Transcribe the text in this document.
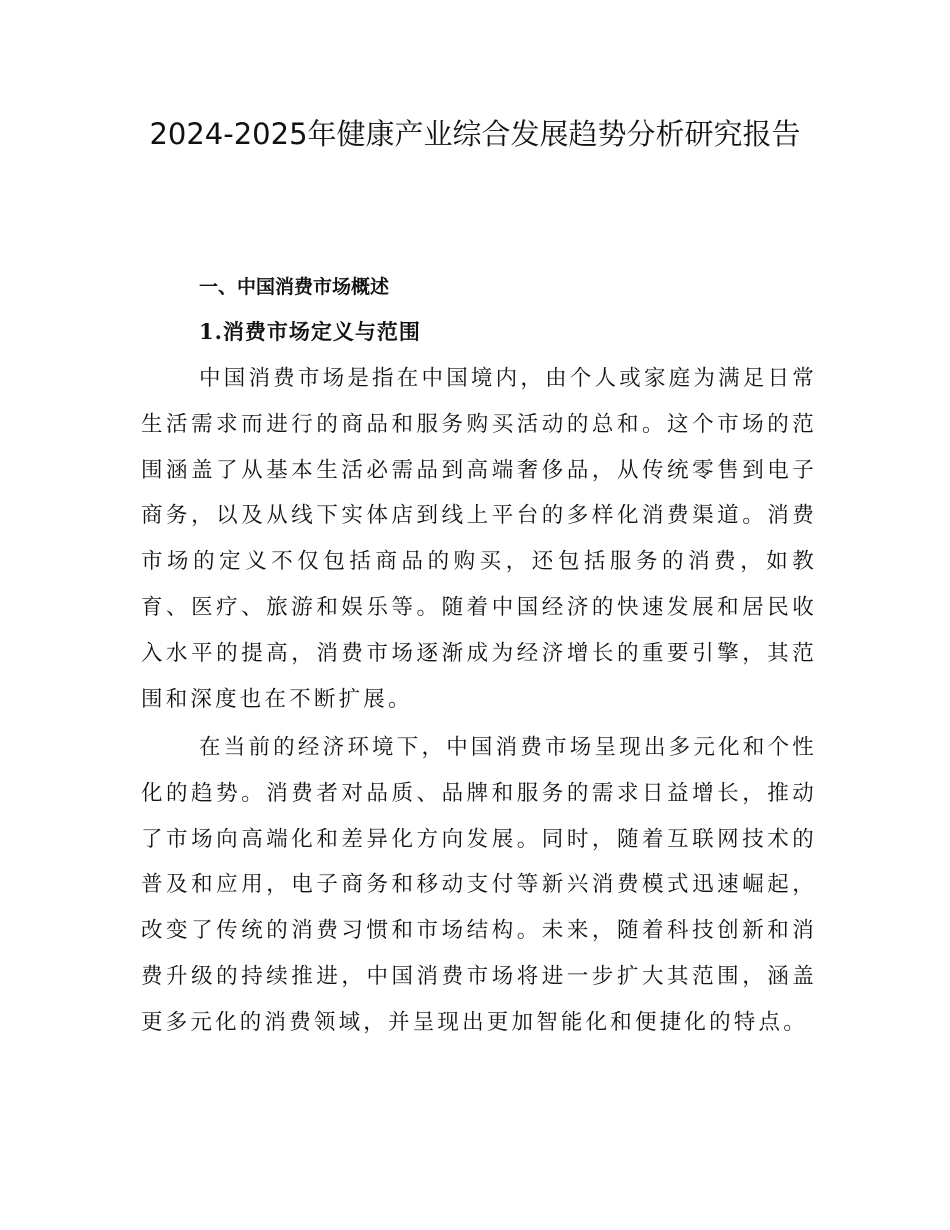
2024-2025年健康产业综合发展趋势分析研究报告
一、中国消费市场概述
1.消费市场定义与范围

中国消费市场是指在中国境内，由个人或家庭为满足日常生活需求而进行的商品和服务购买活动的总和。这个市场的范围涵盖了从基本生活必需品到高端奢侈品，从传统零售到电子商务，以及从线下实体店到线上平台的多样化消费渠道。消费市场的定义不仅包括商品的购买，还包括服务的消费，如教育、医疗、旅游和娱乐等。随着中国经济的快速发展和居民收入水平的提高，消费市场逐渐成为经济增长的重要引擎，其范围和深度也在不断扩展。

在当前的经济环境下，中国消费市场呈现出多元化和个性化的趋势。消费者对品质、品牌和服务的需求日益增长，推动了市场向高端化和差异化方向发展。同时，随着互联网技术的普及和应用，电子商务和移动支付等新兴消费模式迅速崛起，改变了传统的消费习惯和市场结构。未来，随着科技创新和消费升级的持续推进，中国消费市场将进一步扩大其范围，涵盖更多元化的消费领域，并呈现出更加智能化和便捷化的特点。
